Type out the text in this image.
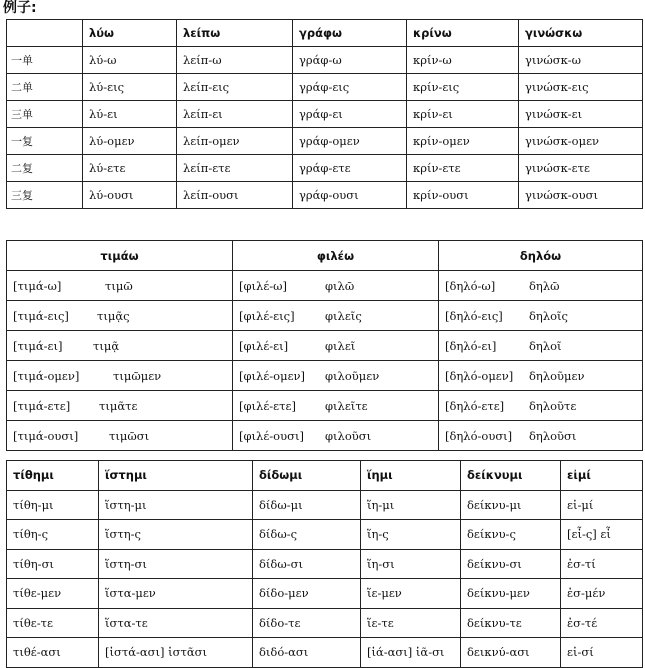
例子:
	λύω	λείπω	γράφω	κρίνω	γινώσκω
一单	λύ-ω	λείπ-ω	γράφ-ω	κρίν-ω	γινώσκ-ω
二单	λύ-εις	λείπ-εις	γράφ-εις	κρίν-εις	γινώσκ-εις
三单	λύ-ει	λείπ-ει	γράφ-ει	κρίν-ει	γινώσκ-ει
一复	λύ-ομεν	λείπ-ομεν	γράφ-ομεν	κρίν-ομεν	γινώσκ-ομεν
二复	λύ-ετε	λείπ-ετε	γράφ-ετε	κρίν-ετε	γινώσκ-ετε
三复	λύ-ουσι	λείπ-ουσι	γράφ-ουσι	κρίν-ουσι	γινώσκ-ουσι
τιμάω	φιλέω	δηλόω
[τιμά-ω] τιμῶ	[φιλέ-ω] φιλῶ	[δηλό-ω] δηλῶ
[τιμά-εις] τιμᾷς	[φιλέ-εις] φιλεῖς	[δηλό-εις] δηλοῖς
[τιμά-ει] τιμᾷ	[φιλέ-ει] φιλεῖ	[δηλό-ει] δηλοῖ
[τιμά-ομεν] τιμῶμεν	[φιλέ-ομεν] φιλοῦμεν	[δηλό-ομεν] δηλοῦμεν
[τιμά-ετε] τιμᾶτε	[φιλέ-ετε] φιλεῖτε	[δηλό-ετε] δηλοῦτε
[τιμά-ουσι] τιμῶσι	[φιλέ-ουσι] φιλοῦσι	[δηλό-ουσι] δηλοῦσι
τίθημι	ἵστημι	δίδωμι	ἵημι	δείκνυμι	εἰμί
τίθη-μι	ἵστη-μι	δίδω-μι	ἵη-μι	δείκνυ-μι	εἰ-μί
τίθη-ς	ἵστη-ς	δίδω-ς	ἵη-ς	δείκνυ-ς	[εἶ-ς] εἶ
τίθη-σι	ἵστη-σι	δίδω-σι	ἵη-σι	δείκνυ-σι	ἐσ-τί
τίθε-μεν	ἵστα-μεν	δίδο-μεν	ἵε-μεν	δείκνυ-μεν	ἐσ-μέν
τίθε-τε	ἵστα-τε	δίδο-τε	ἵε-τε	δείκνυ-τε	ἐσ-τέ
τιθέ-ασι	[ἱστά-ασι] ἱστᾶσι	διδό-ασι	[ἱά-ασι] ἱᾶ-σι	δεικνύ-ασι	εἰ-σί
